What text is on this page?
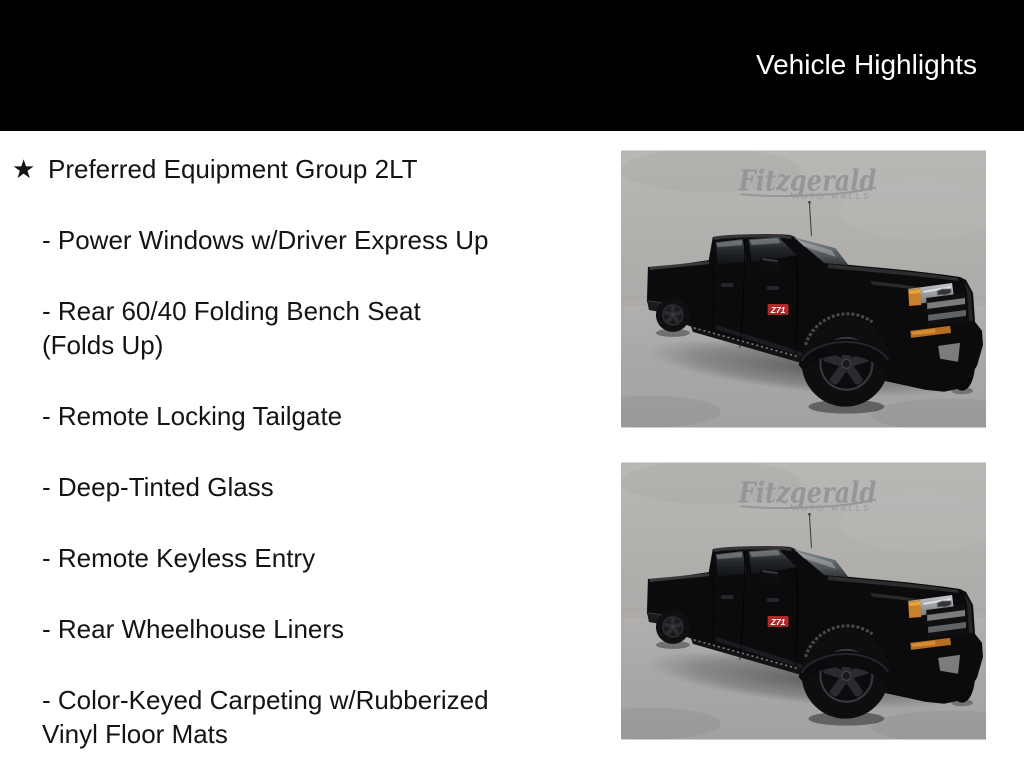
Vehicle Highlights
★ Preferred Equipment Group 2LT
- Power Windows w/Driver Express Up
- Rear 60/40 Folding Bench Seat
(Folds Up)
- Remote Locking Tailgate
- Deep-Tinted Glass
- Remote Keyless Entry
- Rear Wheelhouse Liners
- Color-Keyed Carpeting w/Rubberized
Vinyl Floor Mats
